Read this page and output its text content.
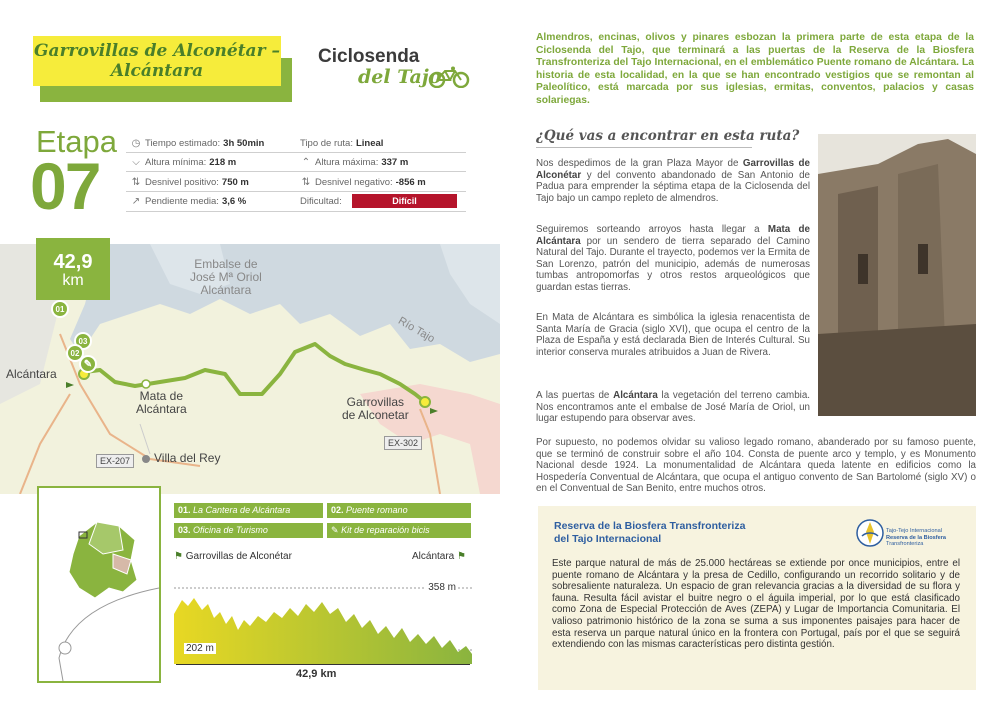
Garrovillas de Alconétar –
Alcántara
Ciclosenda
del Tajo
Etapa
07
◷ Tiempo estimado: 3h 50min	Tipo de ruta: Lineal
⌵ Altura mínima: 218 m	⌃ Altura máxima: 337 m
⇅ Desnivel positivo: 750 m	⇅ Desnivel negativo: -856 m
↗ Pendiente media: 3,6 %	Dificultad:	Difícil
Embalse de
José Mª Oriol
Alcántara
Río Tajo
Alcántara
Mata de
Alcántara	Garrovillas
de Alconetar
Villa del Rey
EX-207
EX-302
42,9
km
01
03
02
✎
01. La Cantera de Alcántara	02. Puente romano
03. Oficina de Turismo	✎ Kit de reparación bicis
⚑ Garrovillas de Alconétar	Alcántara ⚑
358 m
202 m
42,9 km
Almendros, encinas, olivos y pinares esbozan la primera parte de esta etapa de la Ciclosenda del Tajo, que terminará a las puertas de la Reserva de la Biosfera Transfronteriza del Tajo Internacional, en el emblemático Puente romano de Alcántara. La historia de esta localidad, en la que se han encontrado vestigios que se remontan al Paleolítico, está marcada por sus iglesias, ermitas, conventos, palacios y casas solariegas.
¿Qué vas a encontrar en esta ruta?
Nos despedimos de la gran Plaza Mayor de Garrovillas de Alconétar y del convento abandonado de San Antonio de Padua para emprender la séptima etapa de la Ciclosenda del Tajo bajo un campo repleto de almendros.
Seguiremos sorteando arroyos hasta llegar a Mata de Alcántara por un sendero de tierra separado del Camino Natural del Tajo. Durante el trayecto, podemos ver la Ermita de San Lorenzo, patrón del municipio, además de numerosas tumbas antropomorfas y otros restos arqueológicos que guardan estas tierras.
En Mata de Alcántara es simbólica la iglesia renacentista de Santa María de Gracia (siglo XVI), que ocupa el centro de la Plaza de España y está declarada Bien de Interés Cultural. Su interior conserva murales atribuidos a Juan de Rivera.
A las puertas de Alcántara la vegetación del terreno cambia. Nos encontramos ante el embalse de José María de Oriol, un lugar estupendo para observar aves.
Por supuesto, no podemos olvidar su valioso legado romano, abanderado por su famoso puente, que se terminó de construir sobre el año 104. Consta de puente arco y templo, y es Monumento Nacional desde 1924. La monumentalidad de Alcántara queda latente en edificios como la Hospedería Conventual de Alcántara, que ocupa el antiguo convento de San Bartolomé (siglo XV) o en el Conventual de San Benito, entre muchos otros.
Reserva de la Biosfera Transfronteriza
del Tajo Internacional
Tajo-Tejo Internacional
Reserva de la Biosfera
Transfronteriza
Este parque natural de más de 25.000 hectáreas se extiende por once municipios, entre el puente romano de Alcántara y la presa de Cedillo, configurando un recorrido solitario y de sobresaliente naturaleza. Un espacio de gran relevancia gracias a la diversidad de su flora y fauna. Resulta fácil avistar el buitre negro o el águila imperial, por lo que está clasificado como Zona de Especial Protección de Aves (ZEPA) y Lugar de Importancia Comunitaria. El valioso patrimonio histórico de la zona se suma a sus imponentes paisajes para hacer de esta reserva un parque natural único en la frontera con Portugal, país por el que se seguirá extendiendo con las mismas características pero distinta gestión.
